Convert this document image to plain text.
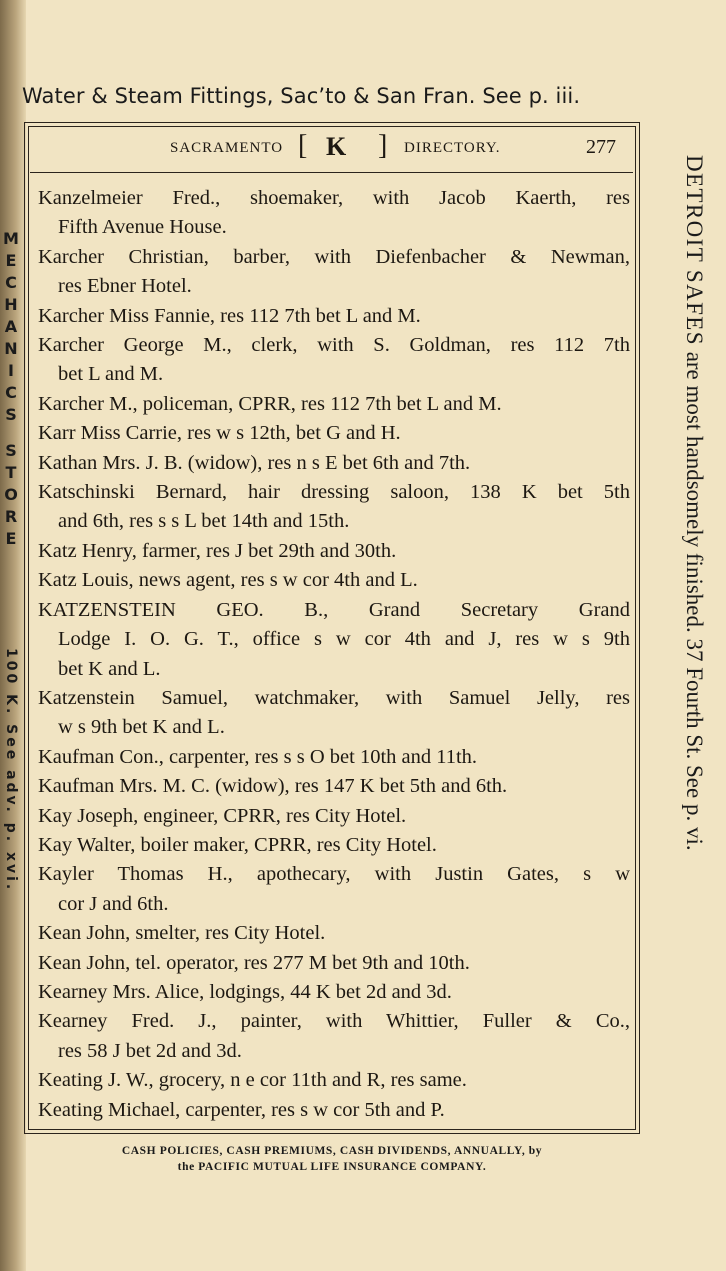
Water & Steam Fittings, Sac’to & San Fran. See p. iii.
SACRAMENTO [ K ] DIRECTORY.	277
Kanzelmeier Fred., shoemaker, with Jacob Kaerth, res
Fifth Avenue House.
Karcher Christian, barber, with Diefenbacher & Newman,
res Ebner Hotel.
Karcher Miss Fannie, res 112 7th bet L and M.
Karcher George M., clerk, with S. Goldman, res 112 7th
bet L and M.
Karcher M., policeman, CPRR, res 112 7th bet L and M.
Karr Miss Carrie, res w s 12th, bet G and H.
Kathan Mrs. J. B. (widow), res n s E bet 6th and 7th.
Katschinski Bernard, hair dressing saloon, 138 K bet 5th
and 6th, res s s L bet 14th and 15th.
Katz Henry, farmer, res J bet 29th and 30th.
Katz Louis, news agent, res s w cor 4th and L.
KATZENSTEIN GEO. B., Grand Secretary Grand
Lodge I. O. G. T., office s w cor 4th and J, res w s 9th
bet K and L.
Katzenstein Samuel, watchmaker, with Samuel Jelly, res
w s 9th bet K and L.
Kaufman Con., carpenter, res s s O bet 10th and 11th.
Kaufman Mrs. M. C. (widow), res 147 K bet 5th and 6th.
Kay Joseph, engineer, CPRR, res City Hotel.
Kay Walter, boiler maker, CPRR, res City Hotel.
Kayler Thomas H., apothecary, with Justin Gates, s w
cor J and 6th.
Kean John, smelter, res City Hotel.
Kean John, tel. operator, res 277 M bet 9th and 10th.
Kearney Mrs. Alice, lodgings, 44 K bet 2d and 3d.
Kearney Fred. J., painter, with Whittier, Fuller & Co.,
res 58 J bet 2d and 3d.
Keating J. W., grocery, n e cor 11th and R, res same.
Keating Michael, carpenter, res s w cor 5th and P.
CASH POLICIES, CASH PREMIUMS, CASH DIVIDENDS, ANNUALLY, by
the PACIFIC MUTUAL LIFE INSURANCE COMPANY.
DETROIT SAFES are most handsomely finished. 37 Fourth St. See p. vi.
M
E
C
H
A
N
I
C
S
S
T
O
R
E
100 K. See adv. p. xvi.
